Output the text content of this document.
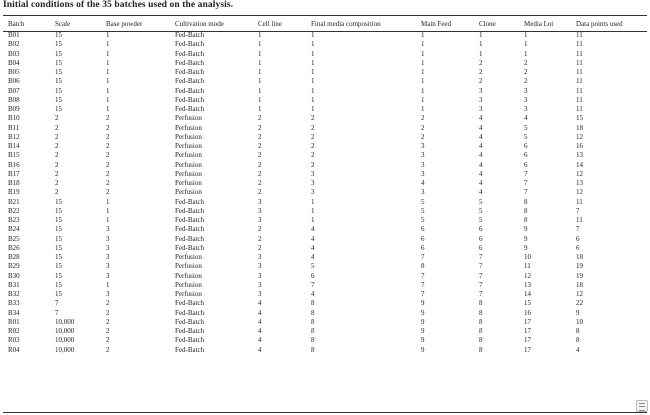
Initial conditions of the 35 batches used on the analysis.
Batch	Scale	Base powder	Cultivation mode	Cell line	Final media composition	Main Feed	Clone	Media Lot	Data points used
B01	15	1	Fed-Batch	1	1	1	1	1	11
B02	15	1	Fed-Batch	1	1	1	1	1	11
B03	15	1	Fed-Batch	1	1	1	1	1	11
B04	15	1	Fed-Batch	1	1	1	2	2	11
B05	15	1	Fed-Batch	1	1	1	2	2	11
B06	15	1	Fed-Batch	1	1	1	2	2	11
B07	15	1	Fed-Batch	1	1	1	3	3	11
B08	15	1	Fed-Batch	1	1	1	3	3	11
B09	15	1	Fed-Batch	1	1	1	3	3	11
B10	2	2	Perfusion	2	2	2	4	4	15
B11	2	2	Perfusion	2	2	2	4	5	18
B12	2	2	Perfusion	2	2	2	4	5	12
B14	2	2	Perfusion	2	2	3	4	6	16
B15	2	2	Perfusion	2	2	3	4	6	13
B16	2	2	Perfusion	2	2	3	4	6	14
B17	2	2	Perfusion	2	3	3	4	7	12
B18	2	2	Perfusion	2	3	4	4	7	13
B19	2	2	Perfusion	2	3	3	4	7	12
B21	15	1	Fed-Batch	3	1	5	5	8	11
B22	15	1	Fed-Batch	3	1	5	5	8	7
B23	15	1	Fed-Batch	3	1	5	5	8	11
B24	15	3	Fed-Batch	2	4	6	6	9	7
B25	15	3	Fed-Batch	2	4	6	6	9	6
B26	15	3	Fed-Batch	2	4	6	6	9	6
B28	15	3	Perfusion	3	4	7	7	10	18
B29	15	3	Perfusion	3	5	8	7	11	19
B30	15	3	Perfusion	3	6	7	7	12	19
B31	15	1	Perfusion	3	7	7	7	13	18
B32	15	3	Perfusion	3	4	7	7	14	12
B33	7	2	Fed-Batch	4	8	9	8	15	22
B34	7	2	Fed-Batch	4	8	9	8	16	9
R01	10,000	2	Fed-Batch	4	8	9	8	17	10
R02	10,000	2	Fed-Batch	4	8	9	8	17	8
R03	10,000	2	Fed-Batch	4	8	9	8	17	8
R04	10,000	2	Fed-Batch	4	8	9	8	17	4
